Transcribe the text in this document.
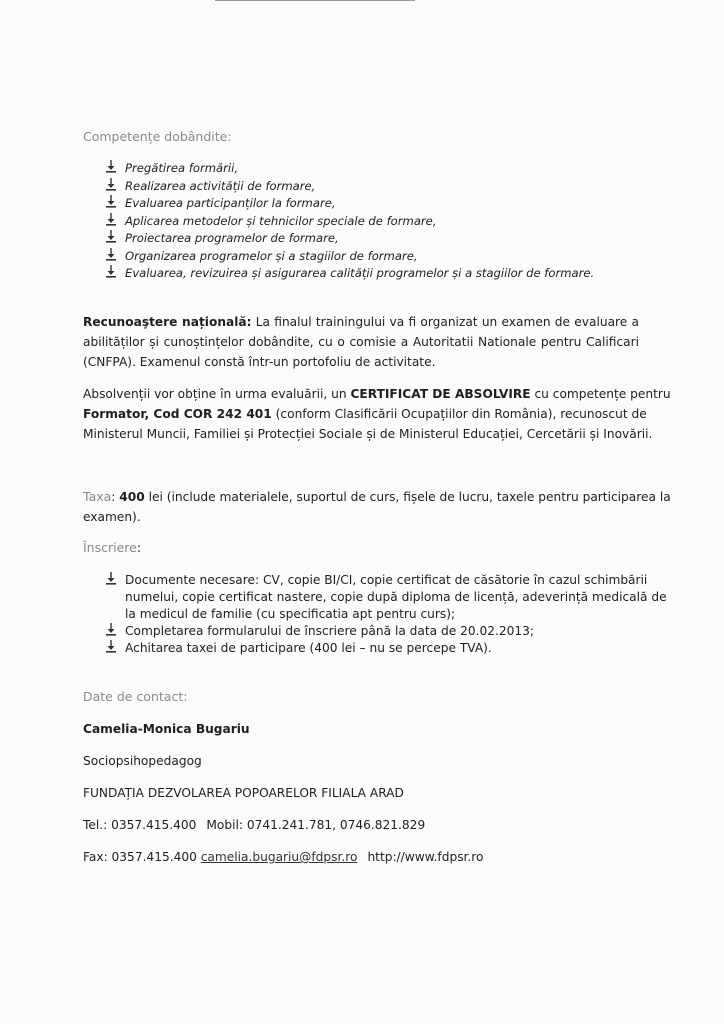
Competențe dobândite:
Pregătirea formării,
Realizarea activității de formare,
Evaluarea participanților la formare,
Aplicarea metodelor și tehnicilor speciale de formare,
Proiectarea programelor de formare,
Organizarea programelor și a stagiilor de formare,
Evaluarea, revizuirea și asigurarea calității programelor și a stagiilor de formare.
Recunoaştere națională: La finalul trainingului va fi organizat un examen de evaluare a
abilităților și cunoștințelor dobândite, cu o comisie a Autoritatii Nationale pentru Calificari
(CNFPA). Examenul constă într-un portofoliu de activitate.
Absolvenții vor obține în urma evaluării, un CERTIFICAT DE ABSOLVIRE cu competențe pentru
Formator, Cod COR 242 401 (conform Clasificării Ocupațiilor din România), recunoscut de
Ministerul Muncii, Familiei și Protecției Sociale și de Ministerul Educației, Cercetării și Inovării.
Taxa: 400 lei (include materialele, suportul de curs, fișele de lucru, taxele pentru participarea la
examen).
Înscriere:
Documente necesare: CV, copie BI/CI, copie certificat de căsătorie în cazul schimbării
numelui, copie certificat nastere, copie după diploma de licență, adeverință medicală de
la medicul de familie (cu specificatia apt pentru curs);
Completarea formularului de înscriere până la data de 20.02.2013;
Achitarea taxei de participare (400 lei – nu se percepe TVA).
Date de contact:
Camelia-Monica Bugariu
Sociopsihopedagog
FUNDAȚIA DEZVOLAREA POPOARELOR FILIALA ARAD
Tel.: 0357.415.400 Mobil: 0741.241.781, 0746.821.829
Fax: 0357.415.400 camelia.bugariu@fdpsr.ro http://www.fdpsr.ro
